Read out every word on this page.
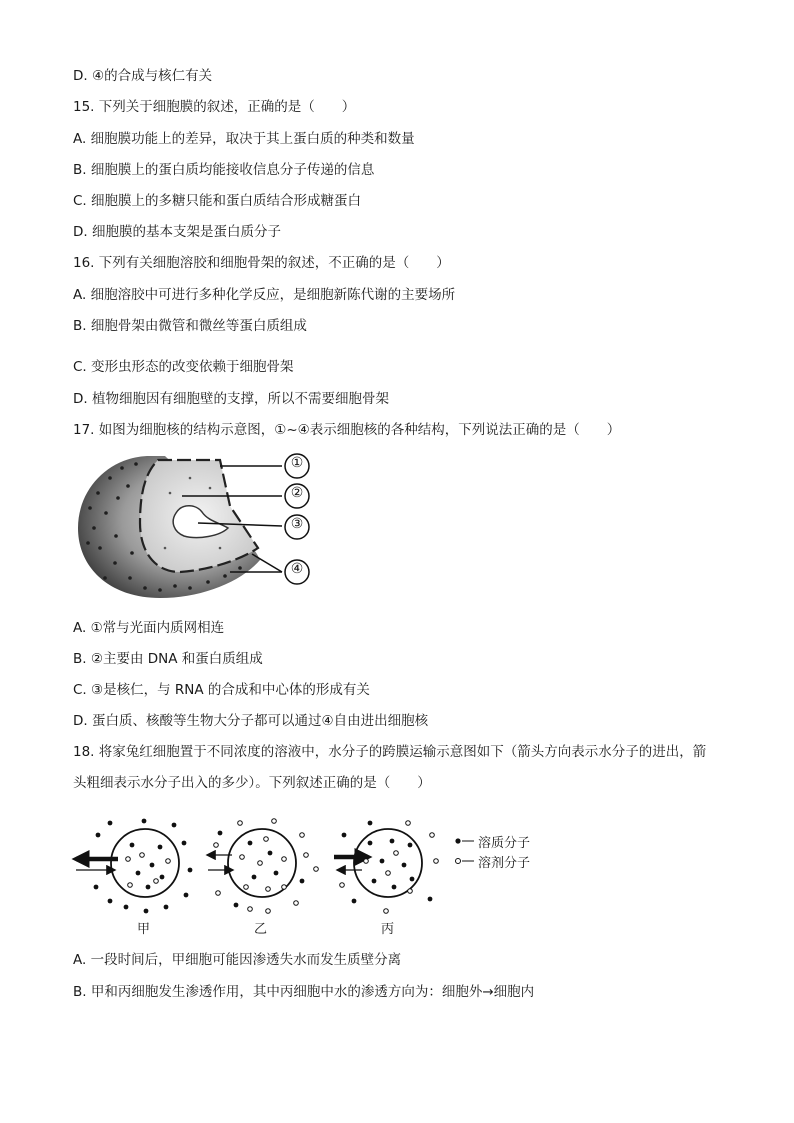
D. ④的合成与核仁有关
15. 下列关于细胞膜的叙述，正确的是（　　）
A. 细胞膜功能上的差异，取决于其上蛋白质的种类和数量
B. 细胞膜上的蛋白质均能接收信息分子传递的信息
C. 细胞膜上的多糖只能和蛋白质结合形成糖蛋白
D. 细胞膜的基本支架是蛋白质分子
16. 下列有关细胞溶胶和细胞骨架的叙述，不正确的是（　　）
A. 细胞溶胶中可进行多种化学反应，是细胞新陈代谢的主要场所
B. 细胞骨架由微管和微丝等蛋白质组成
C. 变形虫形态的改变依赖于细胞骨架
D. 植物细胞因有细胞壁的支撑，所以不需要细胞骨架
17. 如图为细胞核的结构示意图，①~④表示细胞核的各种结构，下列说法正确的是（　　）
A. ①常与光面内质网相连
B. ②主要由 DNA 和蛋白质组成
C. ③是核仁，与 RNA 的合成和中心体的形成有关
D. 蛋白质、核酸等生物大分子都可以通过④自由进出细胞核
18. 将家兔红细胞置于不同浓度的溶液中，水分子的跨膜运输示意图如下（箭头方向表示水分子的进出，箭
头粗细表示水分子出入的多少）。下列叙述正确的是（　　）
①
②
③
④
甲	乙	丙
溶质分子
溶剂分子
A. 一段时间后，甲细胞可能因渗透失水而发生质壁分离
B. 甲和丙细胞发生渗透作用，其中丙细胞中水的渗透方向为：细胞外→细胞内
